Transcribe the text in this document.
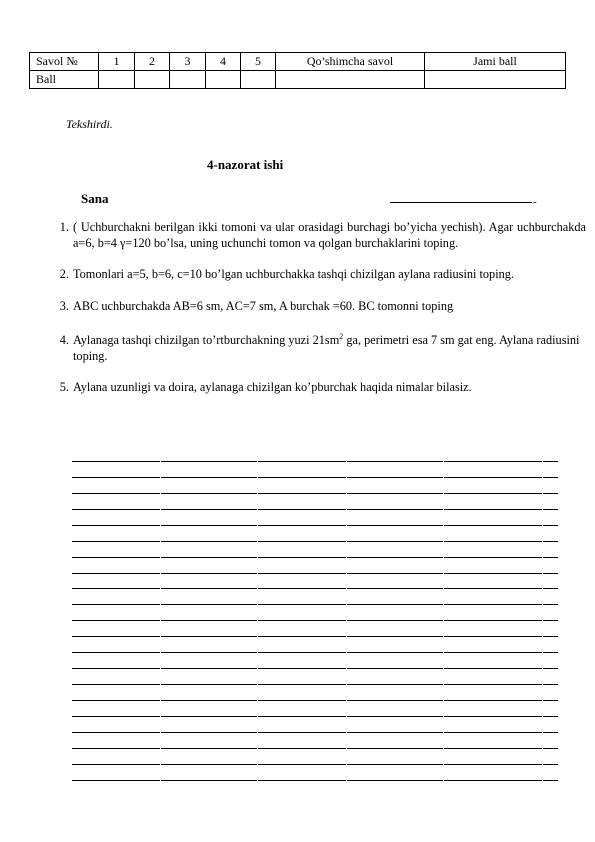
Savol №	1	2	3	4	5	Qo’shimcha savol	Jami ball
Ball							
Tekshirdi.
4-nazorat ishi
Sana	-
1. ( Uchburchakni berilgan ikki tomoni va ular orasidagi burchagi bo’yicha yechish). Agar uchburchakda a=6, b=4 γ=120 bo’lsa, uning uchunchi tomon va qolgan burchaklarini toping.
2. Tomonlari a=5, b=6, c=10 bo’lgan uchburchakka tashqi chizilgan aylana radiusini toping.
3. ABC uchburchakda AB=6 sm, AC=7 sm, A burchak =60. BC tomonni toping
4. Aylanaga tashqi chizilgan to’rtburchakning yuzi $21sm^2$ ga, perimetri esa 7 sm gat eng. Aylana radiusini toping.
5. Aylana uzunligi va doira, aylanaga chizilgan ko’pburchak haqida nimalar bilasiz.
